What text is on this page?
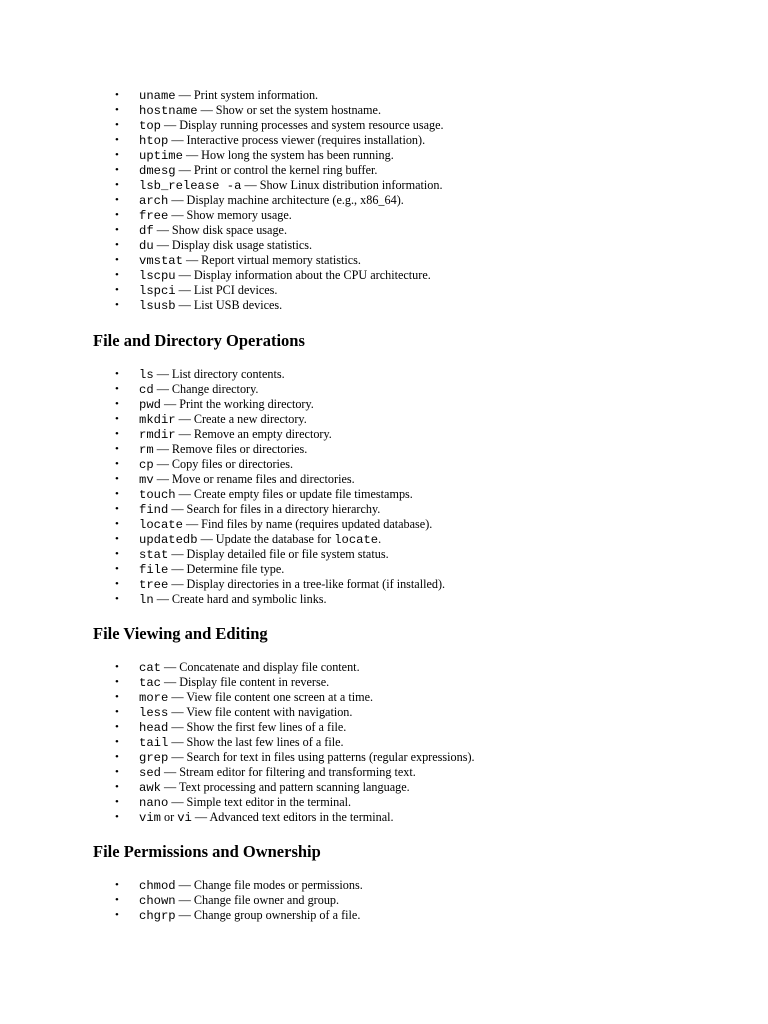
• uname — Print system information.
• hostname — Show or set the system hostname.
• top — Display running processes and system resource usage.
• htop — Interactive process viewer (requires installation).
• uptime — How long the system has been running.
• dmesg — Print or control the kernel ring buffer.
• lsb_release -a — Show Linux distribution information.
• arch — Display machine architecture (e.g., x86_64).
• free — Show memory usage.
• df — Show disk space usage.
• du — Display disk usage statistics.
• vmstat — Report virtual memory statistics.
• lscpu — Display information about the CPU architecture.
• lspci — List PCI devices.
• lsusb — List USB devices.
File and Directory Operations
• ls — List directory contents.
• cd — Change directory.
• pwd — Print the working directory.
• mkdir — Create a new directory.
• rmdir — Remove an empty directory.
• rm — Remove files or directories.
• cp — Copy files or directories.
• mv — Move or rename files and directories.
• touch — Create empty files or update file timestamps.
• find — Search for files in a directory hierarchy.
• locate — Find files by name (requires updated database).
• updatedb — Update the database for locate.
• stat — Display detailed file or file system status.
• file — Determine file type.
• tree — Display directories in a tree-like format (if installed).
• ln — Create hard and symbolic links.
File Viewing and Editing
• cat — Concatenate and display file content.
• tac — Display file content in reverse.
• more — View file content one screen at a time.
• less — View file content with navigation.
• head — Show the first few lines of a file.
• tail — Show the last few lines of a file.
• grep — Search for text in files using patterns (regular expressions).
• sed — Stream editor for filtering and transforming text.
• awk — Text processing and pattern scanning language.
• nano — Simple text editor in the terminal.
• vim or vi — Advanced text editors in the terminal.
File Permissions and Ownership
• chmod — Change file modes or permissions.
• chown — Change file owner and group.
• chgrp — Change group ownership of a file.
